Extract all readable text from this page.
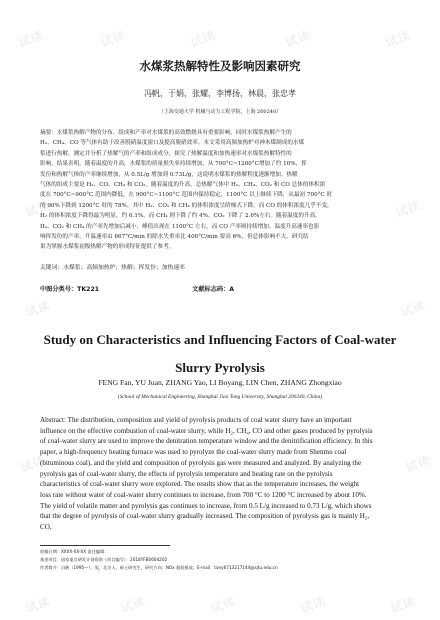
试读	试读	试读	试读	试读
试读	试读
试读	试读
试读	试读
试读	试读	试读	试读	试读
水煤浆热解特性及影响因素研究
冯帆，于娟，张耀，李博扬，林晨，张忠孝
（上海交通大学 机械与动力工程学院，上海 200240）
摘要：水煤浆热解产物的分布、组成和产率对水煤浆的高效燃烧具有重要影响，同时水煤浆热解产生的
H₂、CH₄、CO 等气体有助于改善脱硝温度窗口及提高脱硝效率。本文采用高频加热炉对神木煤制成的水煤
浆进行热解，测定并分析了热解气的产率和组成成分，探究了热解温度和加热速率对水煤浆热解特性的
影响。结果表明，随着温度的升高，水煤浆的质量损失率持续增加，从 700°C~1200°C增加了约 10%，挥
发份和热解气体的产率继续增加，从 0.5L/g 增加到 0.73L/g，这说明水煤浆的热解程度逐渐增加。热解
气体的组成主要是 H₂、CO、CH₄ 和 CO₂。随着温度的升高，总热解气体中 H₂、CH₄、CO₂ 和 CO 总体的体积浓
度在 700°C~900°C 范围内降低，在 900°C~1100°C 范围内保持稳定，1100°C 以上继续下降，从最初 700°C 时
的 90%下降到 1200°C 时的 78%。其中 H₂、CO₂ 和 CH₄ 的体积浓度呈阶梯式下降，而 CO 的体积浓度几乎不变，
H₂ 的体积浓度下降得最为明显，约 6.1%。而 CH₄ 则下降了约 4%，CO₂ 下降了 2.6%左右。随着温度的升高，
H₂、CO₂ 和 CH₄ 的产率先增加后减小，峰值出现在 1100°C 左右，而 CO 产率则持续增加。温度升高速率也影
响挥发份的产率，升温速率由 667°C/min 的除水失重率比 400°C/min 要高 6%，但总体影响不大。研究结
果为掌握水煤浆初级热解产物的形成特征提供了参考。
关键词：水煤浆；高频加热炉；热解；挥发份；加热速率
中图分类号：TK221	文献标志码：A
Study on Characteristics and Influencing Factors of Coal-water
Slurry Pyrolysis
FENG Fan, YU Juan, ZHANG Yao, LI Boyang, LIN Chen, ZHANG Zhongxiao
(School of Mechanical Engineering, Shanghai Jiao Tong University, Shanghai 200240, China)
Abstract: The distribution, composition and yield of pyrolysis products of coal water slurry have an important
influence on the effective combustion of coal-water slurry, while H₂, CH₄, CO and other gases produced by pyrolysis
of coal-water slurry are used to improve the denitration temperature window and the denitrification efficiency. In this
paper, a high-frequency heating furnace was used to pyrolyze the coal-water slurry made from Shenmu coal
(bituminous coal), and the yield and composition of pyrolysis gas were measured and analyzed. By analyzing the
pyrolysis gas of coal-water slurry, the effects of pyrolysis temperature and heating rate on the pyrolysis
characteristics of coal-water slurry were explored. The results show that as the temperature increases, the weight
loss rate without water of coal-water slurry continues to increase, from 700 °C to 1200 °C increased by about 10%.
The yield of volatile matter and pyrolysis gas continues to increase, from 0.5 L/g increased to 0.73 L/g, which shows
that the degree of pyrolysis of coal-water slurry gradually increased. The composition of pyrolysis gas is mainly H₂,
CO,
收稿日期：XXXX-XX-XX 责任编辑：
基金项目：国家重点研发计划资助（项目编号）：2018YFB0604202
作者简介：冯帆（1995—），男，北京人，硕士研究生，研究方向：NOx 超低排放。E-mail：tony6713217144@sjtu.edu.cn
